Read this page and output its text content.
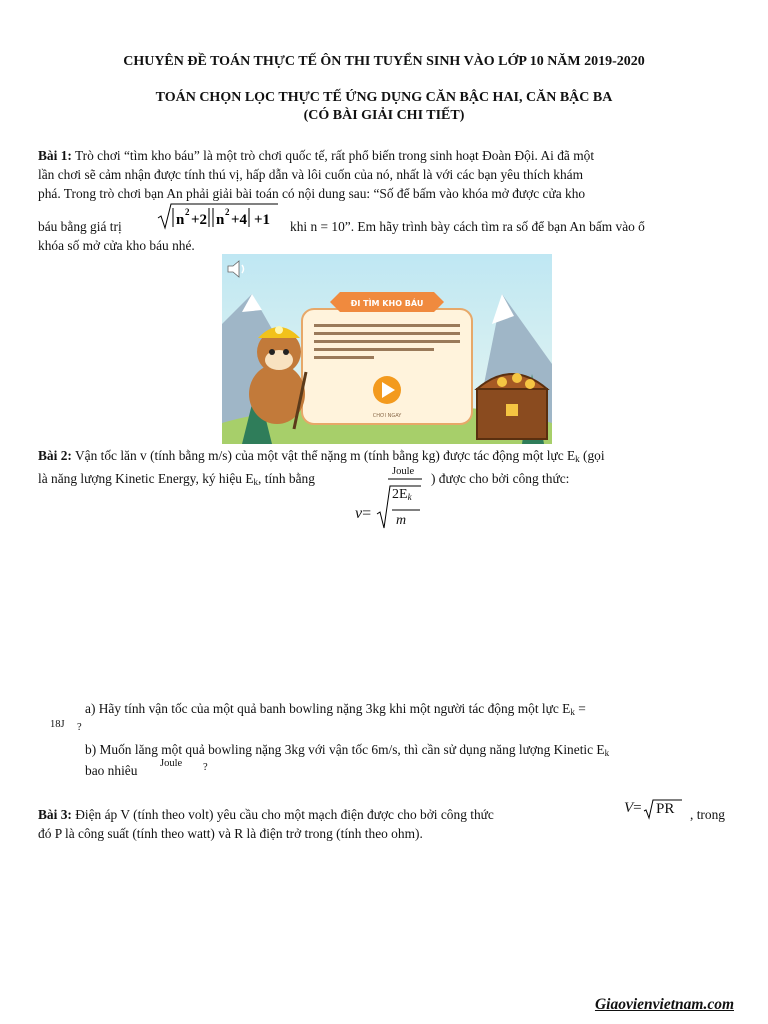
CHUYÊN ĐỀ TOÁN THỰC TẾ ÔN THI TUYỂN SINH VÀO LỚP 10 NĂM 2019-2020
TOÁN CHỌN LỌC THỰC TẾ ỨNG DỤNG CĂN BẬC HAI, CĂN BẬC BA
(CÓ BÀI GIẢI CHI TIẾT)
Bài 1: Trò chơi “tìm kho báu” là một trò chơi quốc tế, rất phổ biến trong sinh hoạt Đoàn Đội. Ai đã một
lần chơi sẽ cảm nhận được tính thú vị, hấp dẫn và lôi cuốn của nó, nhất là với các bạn yêu thích khám
phá. Trong trò chơi bạn An phải giải bài toán có nội dung sau: “Số để bấm vào khóa mở được cửa kho
báu bằng giá trị	n 2 +2 n 2 +4 +1 khi n = 10”. Em hãy trình bày cách tìm ra số để bạn An bấm vào ổ
khóa số mở cửa kho báu nhé.
ĐI TÌM KHO BÁU
CHƠI NGAY
Bài 2: Vận tốc lăn v (tính bằng m/s) của một vật thể nặng m (tính bằng kg) được tác động một lực $E_k$ (gọi
là năng lượng Kinetic Energy, ký hiệu $E_k$, tính bằng	Joule ) được cho bởi công thức:
v=
$2E_k$
m
a) Hãy tính vận tốc của một quả banh bowling nặng 3kg khi một người tác động một lực $E_k$ =
18J ?
b) Muốn lăng một quả bowling nặng 3kg với vận tốc 6m/s, thì cần sử dụng năng lượng Kinetic $E_k$
bao nhiêu	Joule ?
Bài 3: Điện áp V (tính theo volt) yêu cầu cho một mạch điện được cho bởi công thức	V= PR , trong
đó P là công suất (tính theo watt) và R là điện trở trong (tính theo ohm).
Giaovienvietnam.com
